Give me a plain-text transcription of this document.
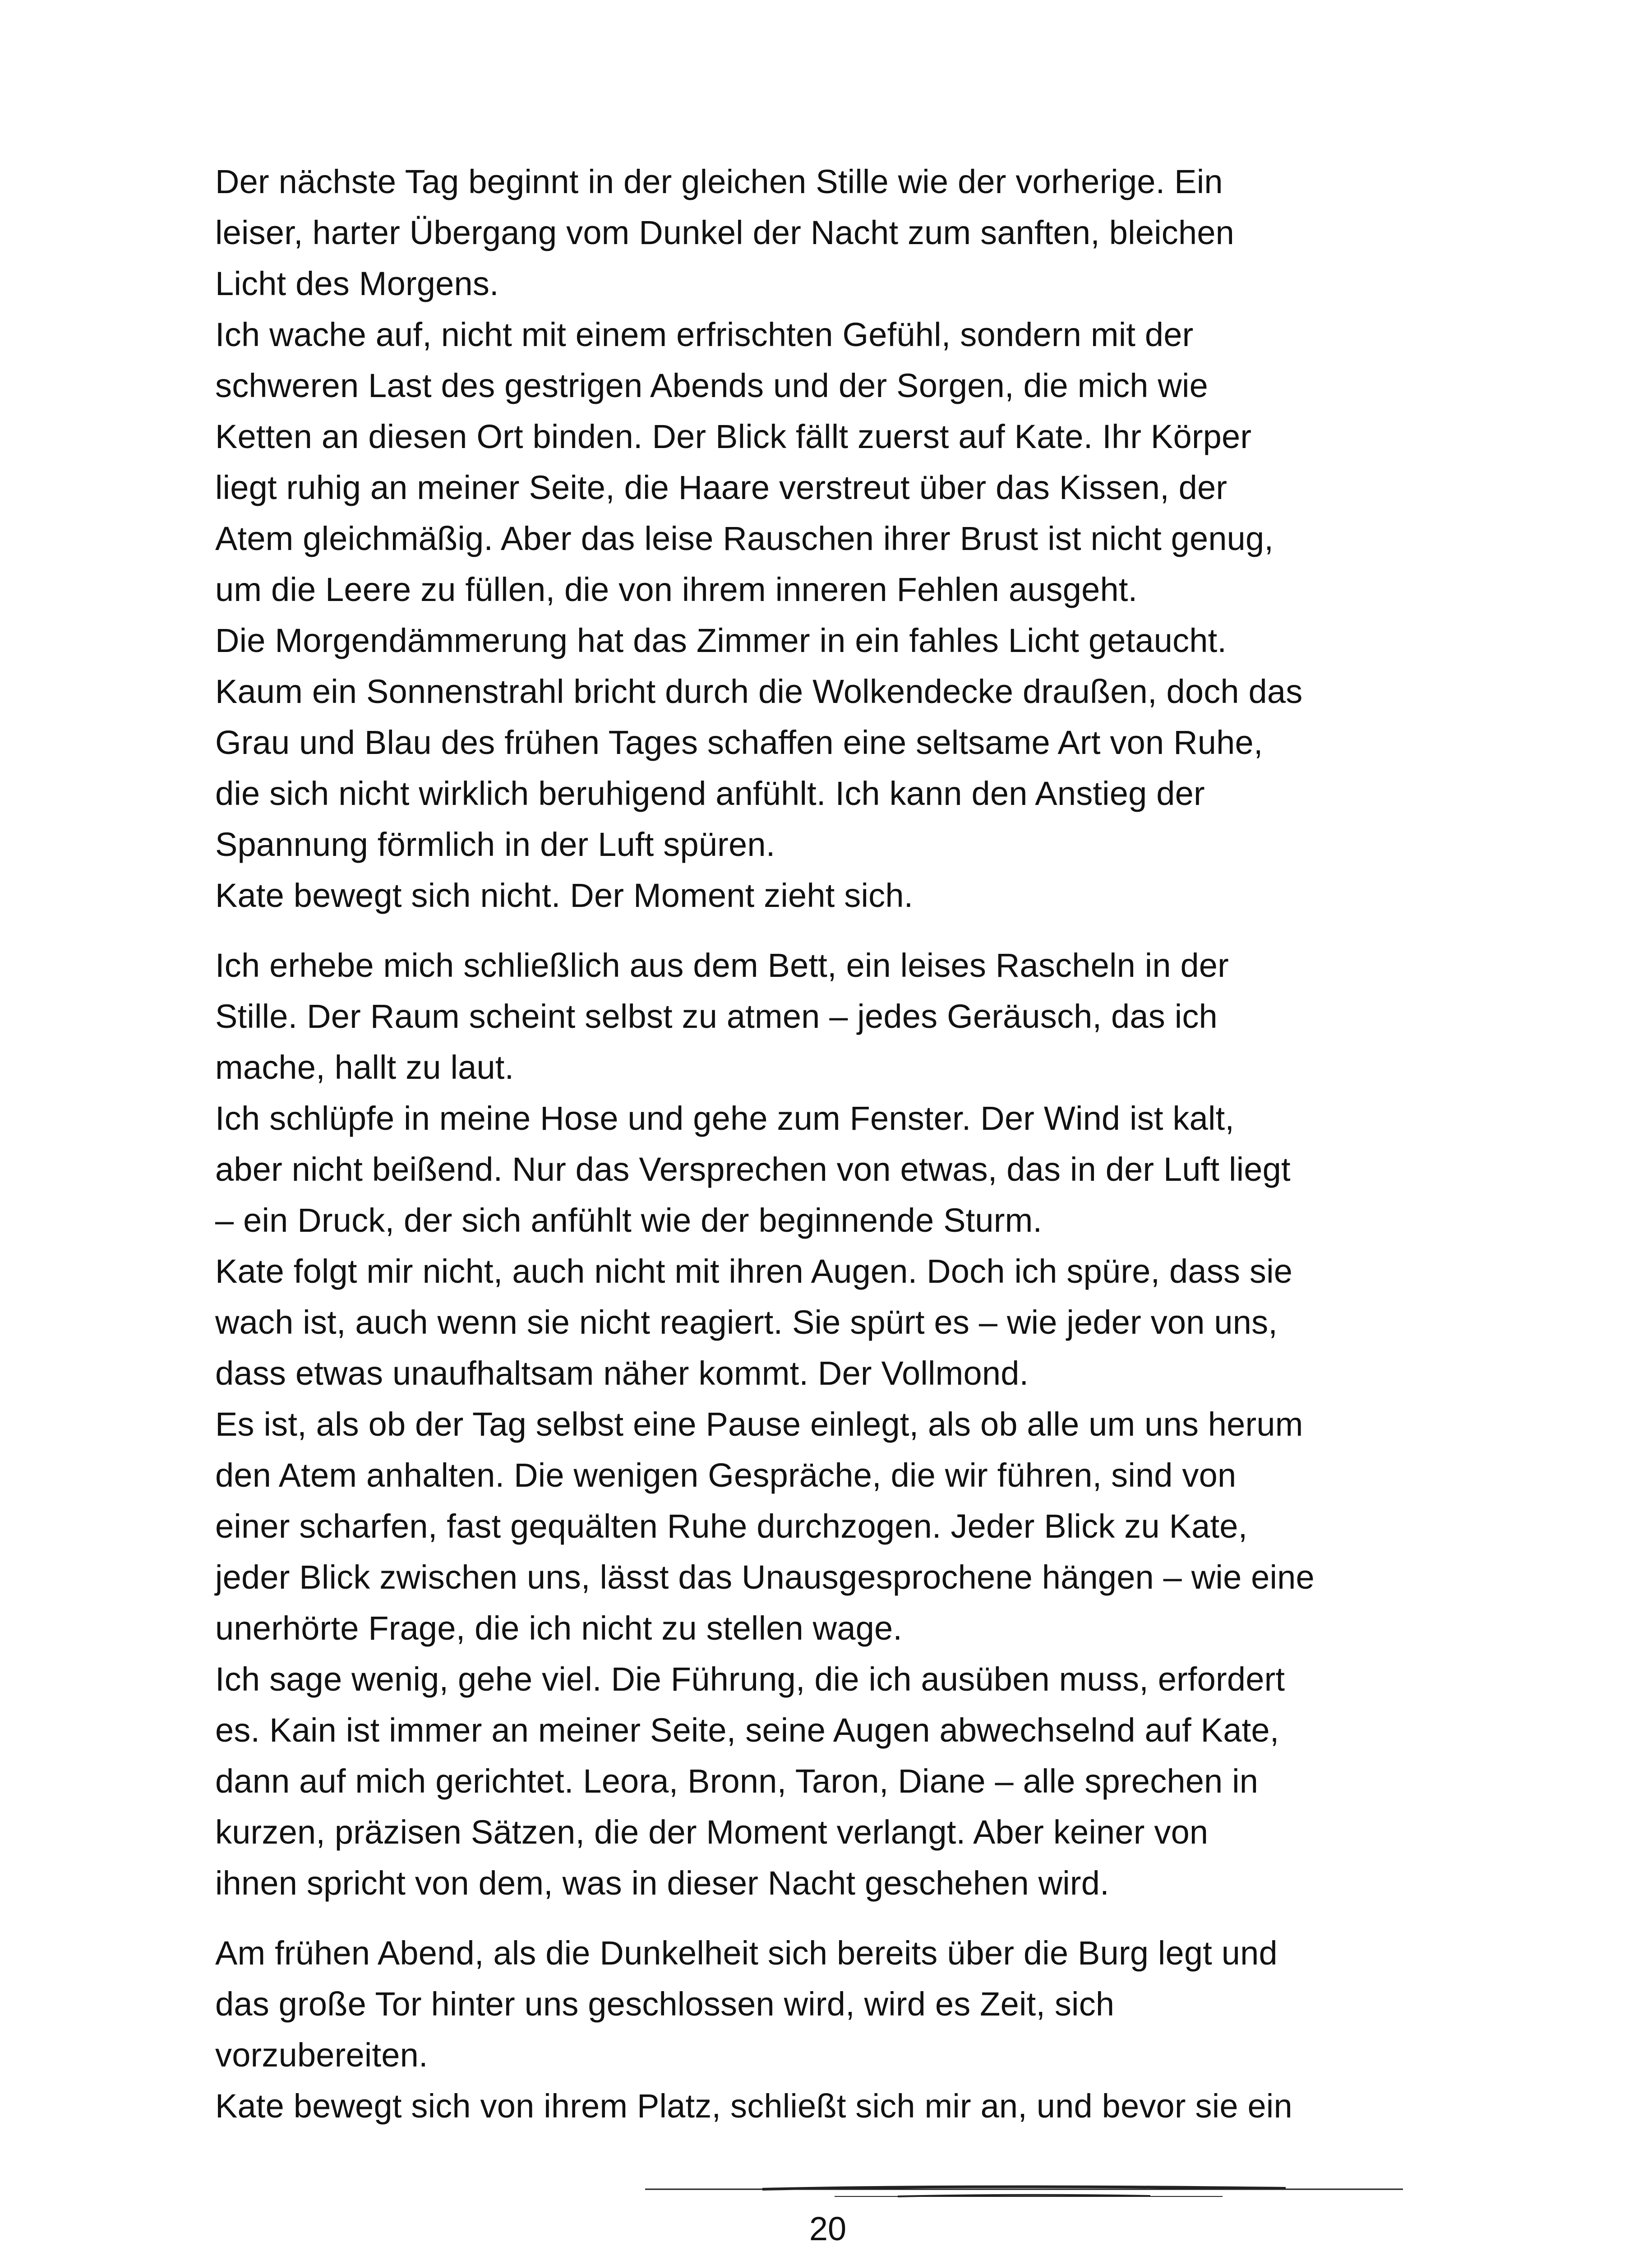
Der nächste Tag beginnt in der gleichen Stille wie der vorherige. Ein
leiser, harter Übergang vom Dunkel der Nacht zum sanften, bleichen
Licht des Morgens.
Ich wache auf, nicht mit einem erfrischten Gefühl, sondern mit der
schweren Last des gestrigen Abends und der Sorgen, die mich wie
Ketten an diesen Ort binden. Der Blick fällt zuerst auf Kate. Ihr Körper
liegt ruhig an meiner Seite, die Haare verstreut über das Kissen, der
Atem gleichmäßig. Aber das leise Rauschen ihrer Brust ist nicht genug,
um die Leere zu füllen, die von ihrem inneren Fehlen ausgeht.
Die Morgendämmerung hat das Zimmer in ein fahles Licht getaucht.
Kaum ein Sonnenstrahl bricht durch die Wolkendecke draußen, doch das
Grau und Blau des frühen Tages schaffen eine seltsame Art von Ruhe,
die sich nicht wirklich beruhigend anfühlt. Ich kann den Anstieg der
Spannung förmlich in der Luft spüren.
Kate bewegt sich nicht. Der Moment zieht sich.
Ich erhebe mich schließlich aus dem Bett, ein leises Rascheln in der
Stille. Der Raum scheint selbst zu atmen – jedes Geräusch, das ich
mache, hallt zu laut.
Ich schlüpfe in meine Hose und gehe zum Fenster. Der Wind ist kalt,
aber nicht beißend. Nur das Versprechen von etwas, das in der Luft liegt
– ein Druck, der sich anfühlt wie der beginnende Sturm.
Kate folgt mir nicht, auch nicht mit ihren Augen. Doch ich spüre, dass sie
wach ist, auch wenn sie nicht reagiert. Sie spürt es – wie jeder von uns,
dass etwas unaufhaltsam näher kommt. Der Vollmond.
Es ist, als ob der Tag selbst eine Pause einlegt, als ob alle um uns herum
den Atem anhalten. Die wenigen Gespräche, die wir führen, sind von
einer scharfen, fast gequälten Ruhe durchzogen. Jeder Blick zu Kate,
jeder Blick zwischen uns, lässt das Unausgesprochene hängen – wie eine
unerhörte Frage, die ich nicht zu stellen wage.
Ich sage wenig, gehe viel. Die Führung, die ich ausüben muss, erfordert
es. Kain ist immer an meiner Seite, seine Augen abwechselnd auf Kate,
dann auf mich gerichtet. Leora, Bronn, Taron, Diane – alle sprechen in
kurzen, präzisen Sätzen, die der Moment verlangt. Aber keiner von
ihnen spricht von dem, was in dieser Nacht geschehen wird.
Am frühen Abend, als die Dunkelheit sich bereits über die Burg legt und
das große Tor hinter uns geschlossen wird, wird es Zeit, sich
vorzubereiten.
Kate bewegt sich von ihrem Platz, schließt sich mir an, und bevor sie ein
20
